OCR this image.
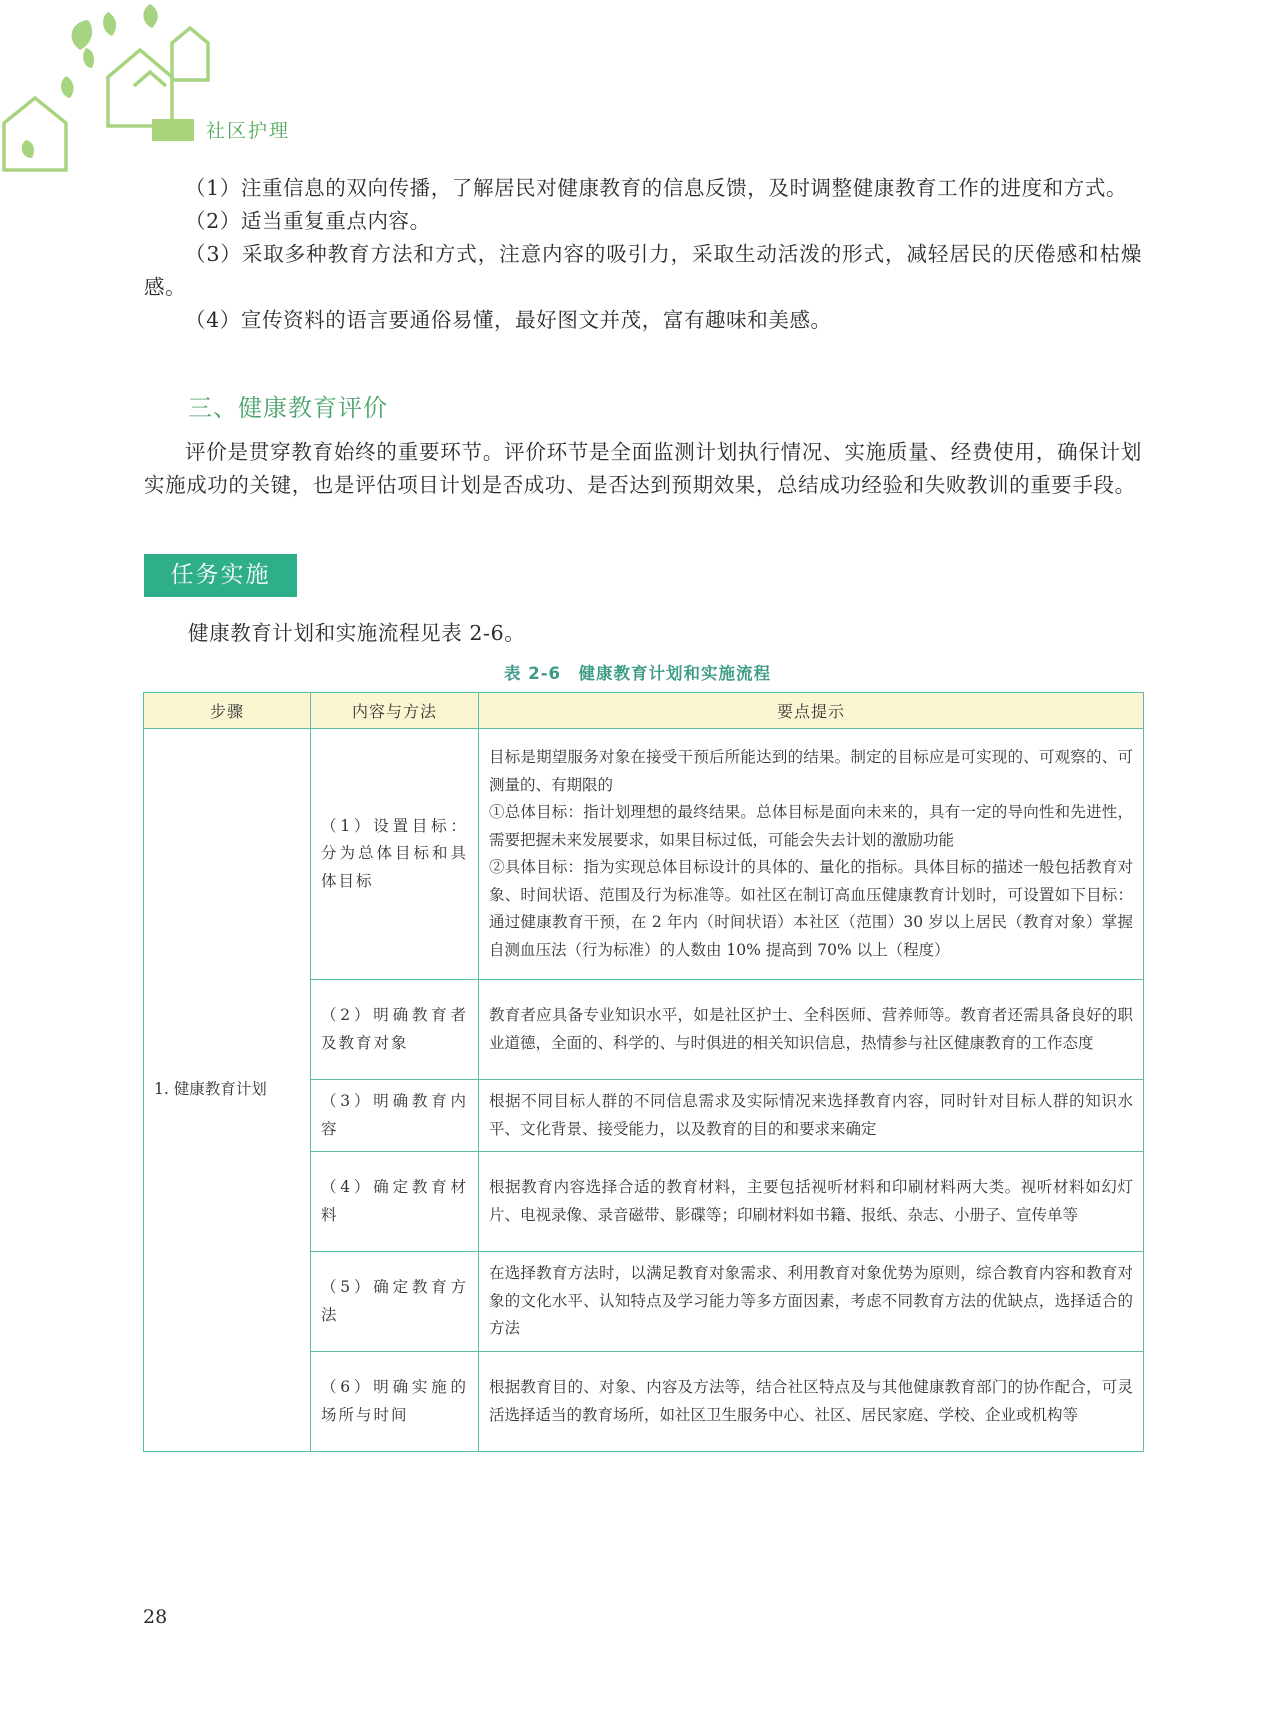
社区护理

（1）注重信息的双向传播，了解居民对健康教育的信息反馈，及时调整健康教育工作的进度和方式。

（2）适当重复重点内容。

（3）采取多种教育方法和方式，注意内容的吸引力，采取生动活泼的形式，减轻居民的厌倦感和枯燥感。

（4）宣传资料的语言要通俗易懂，最好图文并茂，富有趣味和美感。

三、健康教育评价

评价是贯穿教育始终的重要环节。评价环节是全面监测计划执行情况、实施质量、经费使用，确保计划实施成功的关键，也是评估项目计划是否成功、是否达到预期效果，总结成功经验和失败教训的重要手段。

任务实施
健康教育计划和实施流程见表 2-6。
表 2-6　健康教育计划和实施流程
步骤	内容与方法	要点提示
1. 健康教育计划	（1）设置目标：分为总体目标和具体目标	目标是期望服务对象在接受干预后所能达到的结果。制定的目标应是可实现的、可观察的、可测量的、有期限的
①总体目标：指计划理想的最终结果。总体目标是面向未来的，具有一定的导向性和先进性，需要把握未来发展要求，如果目标过低，可能会失去计划的激励功能
②具体目标：指为实现总体目标设计的具体的、量化的指标。具体目标的描述一般包括教育对象、时间状语、范围及行为标准等。如社区在制订高血压健康教育计划时，可设置如下目标：通过健康教育干预，在 2 年内（时间状语）本社区（范围）30 岁以上居民（教育对象）掌握自测血压法（行为标准）的人数由 10% 提高到 70% 以上（程度）

	（2）明确教育者及教育对象	教育者应具备专业知识水平，如是社区护士、全科医师、营养师等。教育者还需具备良好的职业道德，全面的、科学的、与时俱进的相关知识信息，热情参与社区健康教育的工作态度
	（3）明确教育内容	根据不同目标人群的不同信息需求及实际情况来选择教育内容，同时针对目标人群的知识水平、文化背景、接受能力，以及教育的目的和要求来确定
	（4）确定教育材料	根据教育内容选择合适的教育材料，主要包括视听材料和印刷材料两大类。视听材料如幻灯片、电视录像、录音磁带、影碟等；印刷材料如书籍、报纸、杂志、小册子、宣传单等
	（5）确定教育方法	在选择教育方法时，以满足教育对象需求、利用教育对象优势为原则，综合教育内容和教育对象的文化水平、认知特点及学习能力等多方面因素，考虑不同教育方法的优缺点，选择适合的方法
	（6）明确实施的场所与时间	根据教育目的、对象、内容及方法等，结合社区特点及与其他健康教育部门的协作配合，可灵活选择适当的教育场所，如社区卫生服务中心、社区、居民家庭、学校、企业或机构等
28
